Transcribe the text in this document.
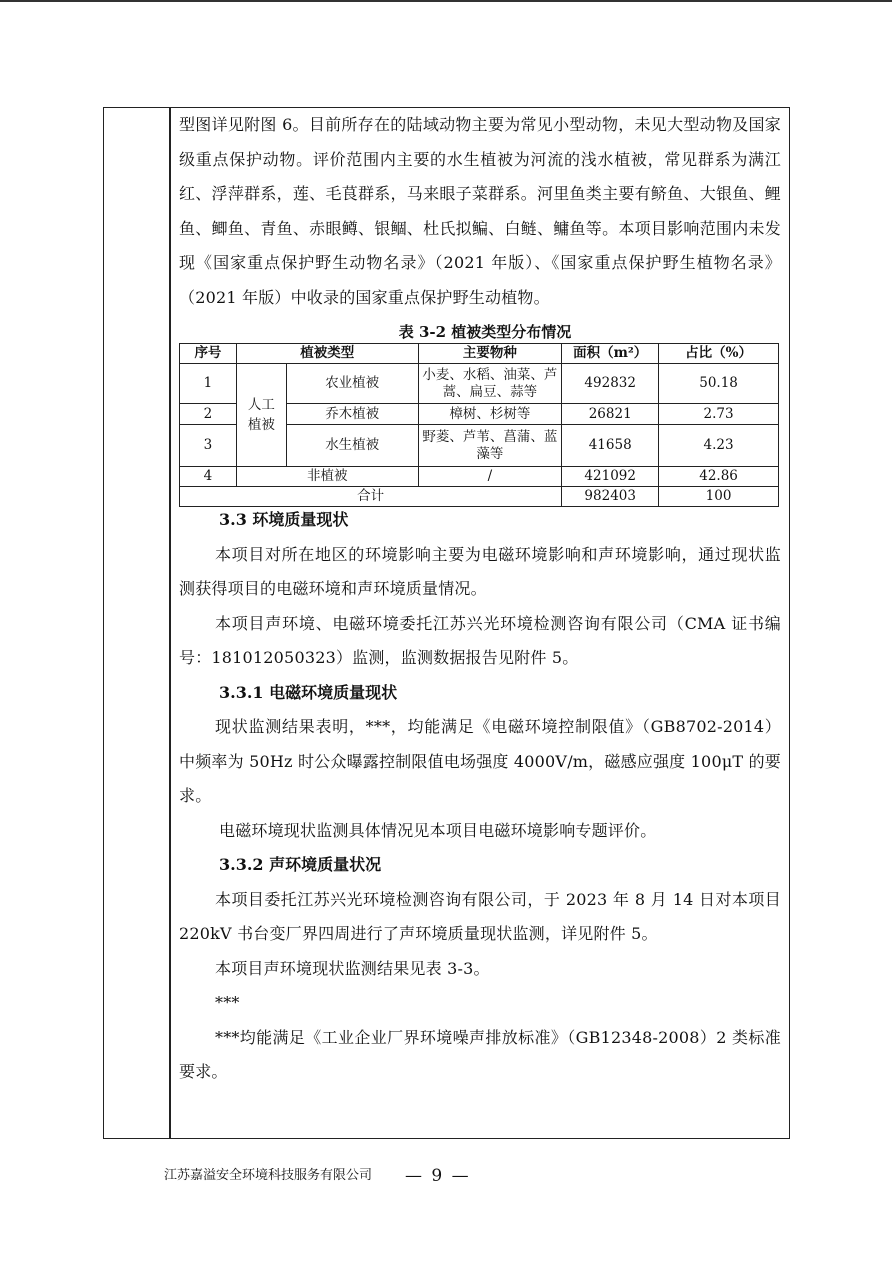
型图详见附图 6。目前所存在的陆域动物主要为常见小型动物，未见大型动物及国家级重点保护动物。评价范围内主要的水生植被为河流的浅水植被，常见群系为满江红、浮萍群系，莲、毛茛群系，马来眼子菜群系。河里鱼类主要有鲚鱼、大银鱼、鲤鱼、鲫鱼、青鱼、赤眼鳟、银鲴、杜氏拟鳊、白鲢、鳙鱼等。本项目影响范围内未发现《国家重点保护野生动物名录》（2021 年版）、《国家重点保护野生植物名录》（2021 年版）中收录的国家重点保护野生动植物。

表 3-2 植被类型分布情况
序号	植被类型		主要物种	面积（m²）	占比（%）
1	人工植被	农业植被	小麦、水稻、油菜、芦蒿、扁豆、蒜等	492832	50.18
2		乔木植被	樟树、杉树等	26821	2.73
3		水生植被	野菱、芦苇、菖蒲、蓝藻等	41658	4.23
4	非植被		/	421092	42.86
合计				982403	100

3.3 环境质量现状

本项目对所在地区的环境影响主要为电磁环境影响和声环境影响，通过现状监测获得项目的电磁环境和声环境质量情况。

本项目声环境、电磁环境委托江苏兴光环境检测咨询有限公司（CMA 证书编号：181012050323）监测，监测数据报告见附件 5。

3.3.1 电磁环境质量现状

现状监测结果表明，***，均能满足《电磁环境控制限值》（GB8702-2014）中频率为 50Hz 时公众曝露控制限值电场强度 4000V/m，磁感应强度 100μT 的要求。

电磁环境现状监测具体情况见本项目电磁环境影响专题评价。

3.3.2 声环境质量状况

本项目委托江苏兴光环境检测咨询有限公司，于 2023 年 8 月 14 日对本项目 220kV 书台变厂界四周进行了声环境质量现状监测，详见附件 5。

本项目声环境现状监测结果见表 3-3。

***

***均能满足《工业企业厂界环境噪声排放标准》（GB12348-2008）2 类标准要求。

江苏嘉溢安全环境科技服务有限公司 — 9 —
